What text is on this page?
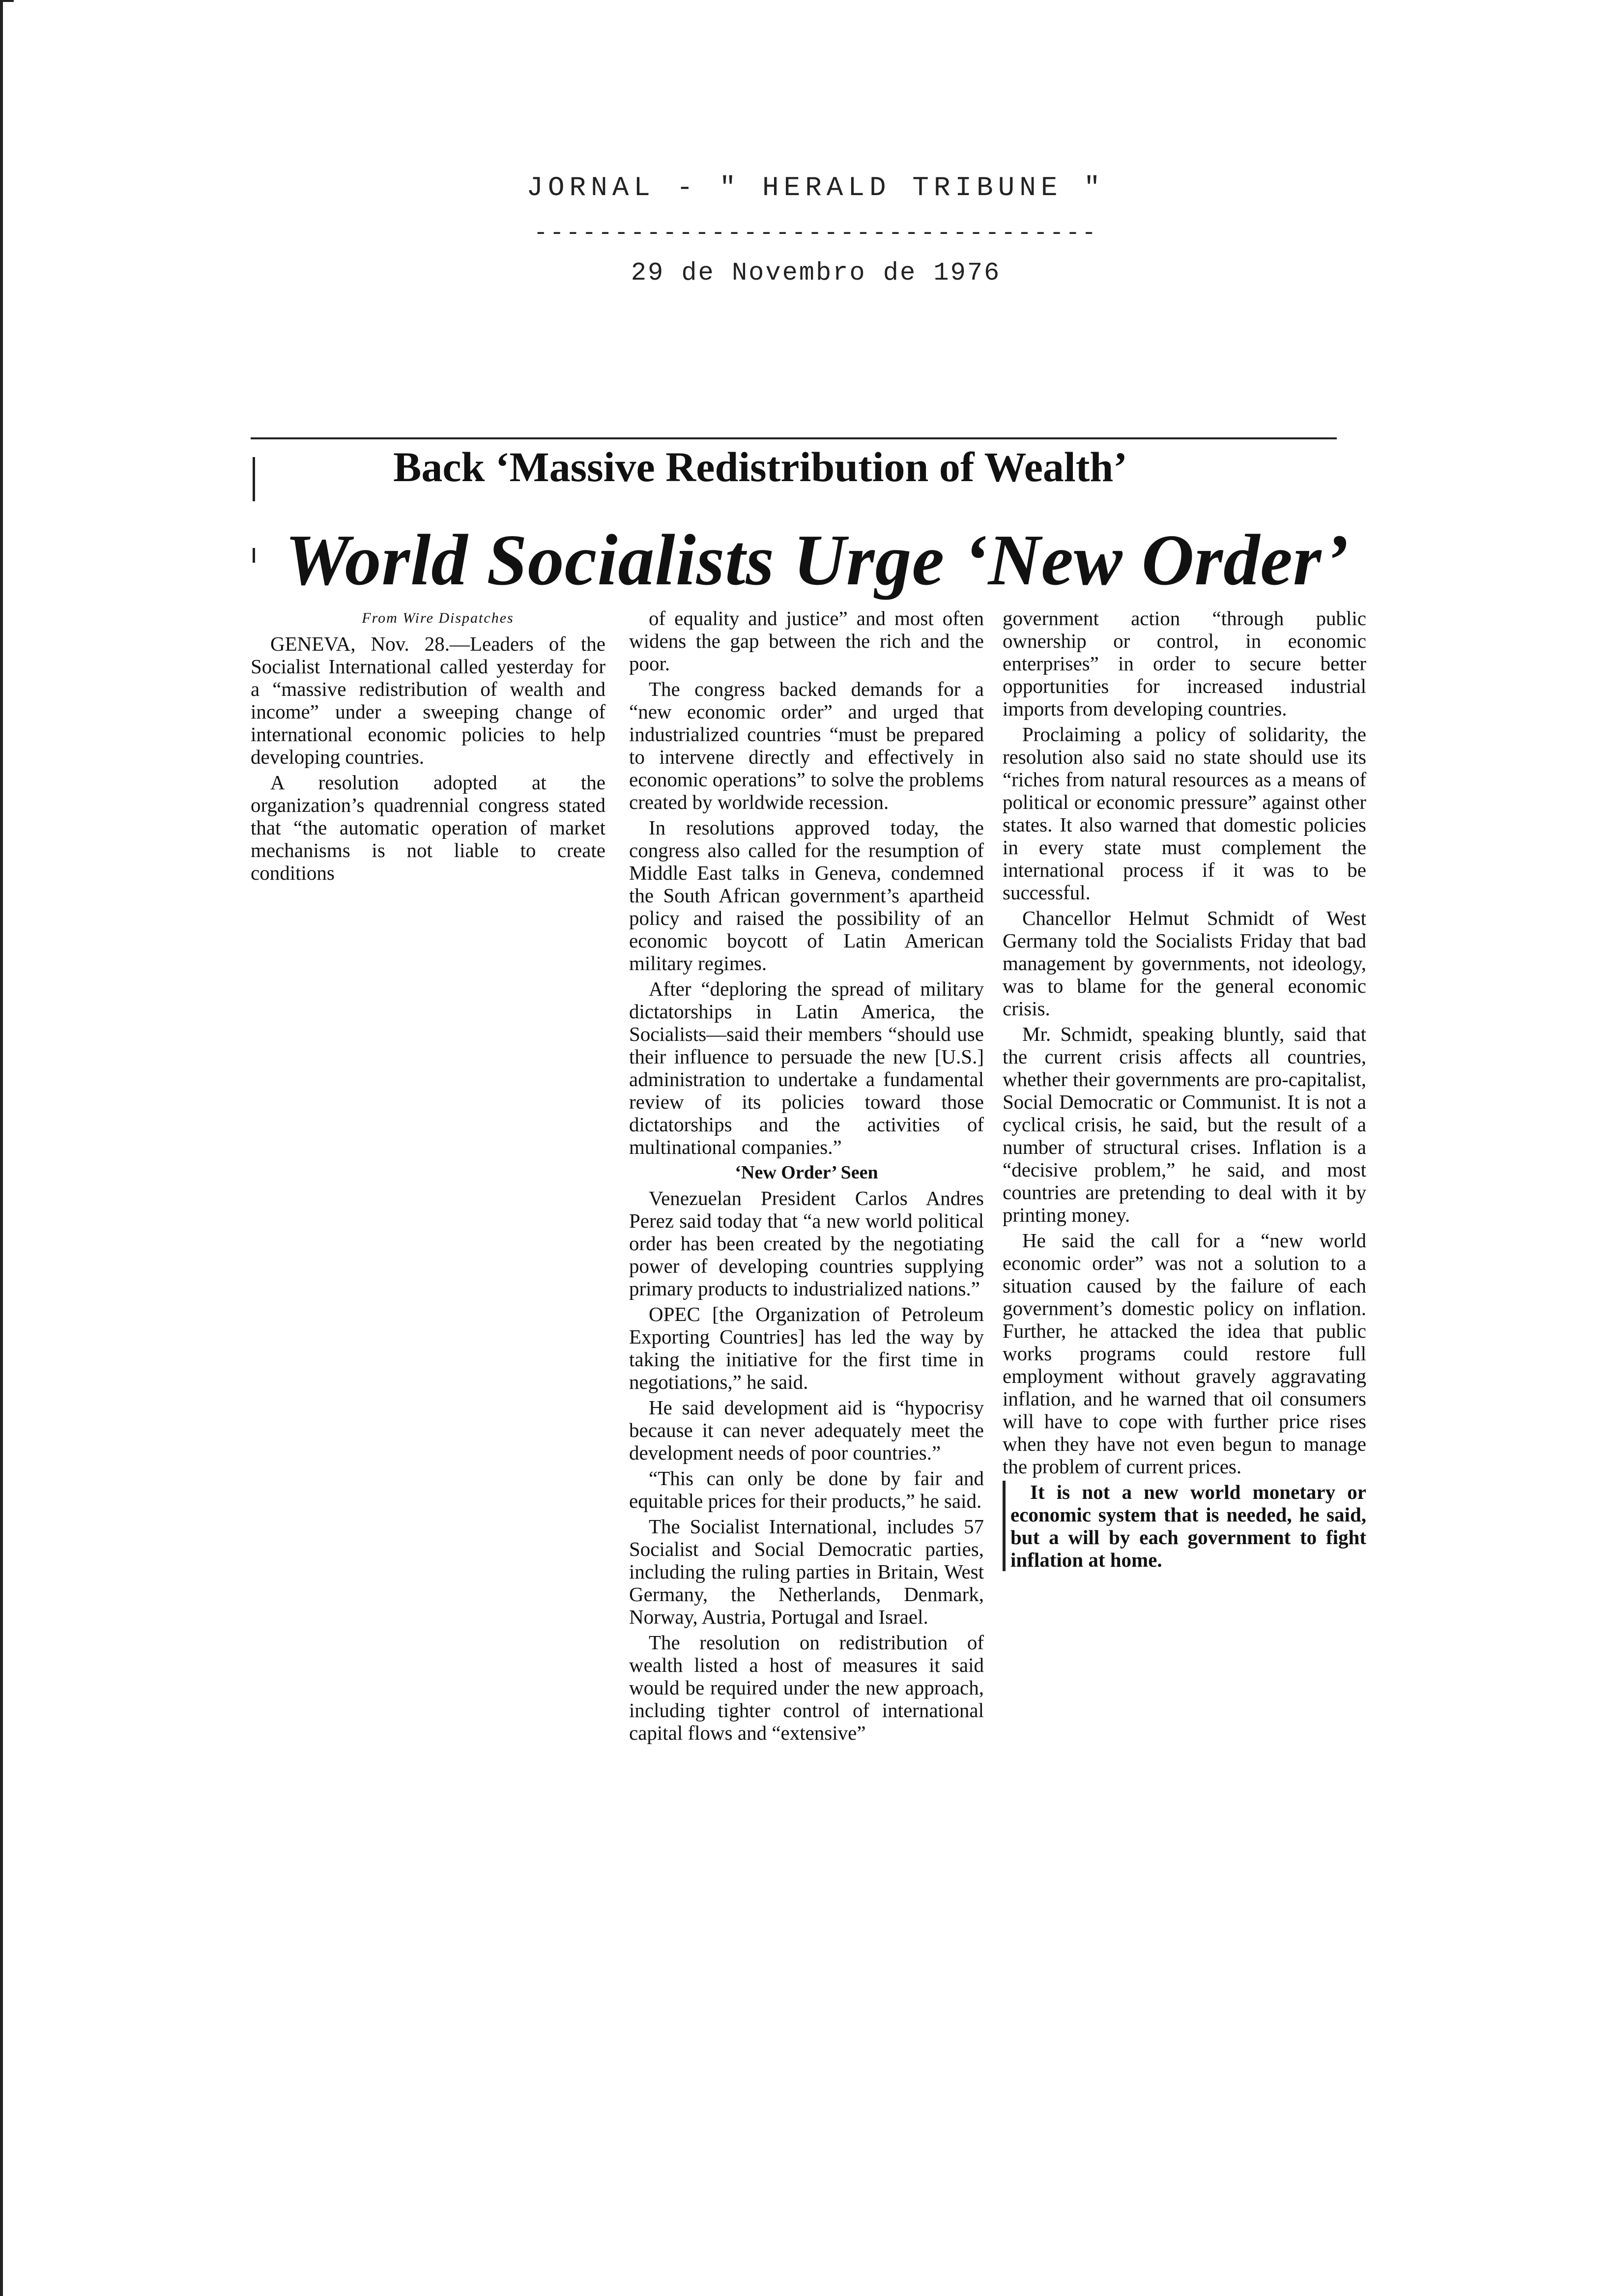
JORNAL - " HERALD TRIBUNE "
-----------------------------------
29 de Novembro de 1976
Back ‘Massive Redistribution of Wealth’
World Socialists Urge ‘New Order’

From Wire Dispatches

GENEVA, Nov. 28.—Leaders of the Socialist International called yesterday for a “massive redistribution of wealth and income” under a sweeping change of international economic policies to help developing countries.

A resolution adopted at the organization’s quadrennial congress stated that “the automatic operation of market mechanisms is not liable to create conditions

of equality and justice” and most often widens the gap between the rich and the poor.

The congress backed demands for a “new economic order” and urged that industrialized countries “must be prepared to intervene directly and effectively in economic operations” to solve the problems created by worldwide recession.

In resolutions approved today, the congress also called for the resumption of Middle East talks in Geneva, condemned the South African government’s apartheid policy and raised the possibility of an economic boycott of Latin American military regimes.

After “deploring the spread of military dictatorships in Latin America, the Socialists—said their members “should use their influence to persuade the new [U.S.] administration to undertake a fundamental review of its policies toward those dictatorships and the activities of multinational companies.”

‘New Order’ Seen

Venezuelan President Carlos Andres Perez said today that “a new world political order has been created by the negotiating power of developing countries supplying primary products to industrialized nations.”

OPEC [the Organization of Petroleum Exporting Countries] has led the way by taking the initiative for the first time in negotiations,” he said.

He said development aid is “hypocrisy because it can never adequately meet the development needs of poor countries.”

“This can only be done by fair and equitable prices for their products,” he said.

The Socialist International, includes 57 Socialist and Social Democratic parties, including the ruling parties in Britain, West Germany, the Netherlands, Denmark, Norway, Austria, Portugal and Israel.

The resolution on redistribution of wealth listed a host of measures it said would be required under the new approach, including tighter control of international capital flows and “extensive”

government action “through public ownership or control, in economic enterprises” in order to secure better opportunities for increased industrial imports from developing countries.

Proclaiming a policy of solidarity, the resolution also said no state should use its “riches from natural resources as a means of political or economic pressure” against other states. It also warned that domestic policies in every state must complement the international process if it was to be successful.

Chancellor Helmut Schmidt of West Germany told the Socialists Friday that bad management by governments, not ideology, was to blame for the general economic crisis.

Mr. Schmidt, speaking bluntly, said that the current crisis affects all countries, whether their governments are pro-capitalist, Social Democratic or Communist. It is not a cyclical crisis, he said, but the result of a number of structural crises. Inflation is a “decisive problem,” he said, and most countries are pretending to deal with it by printing money.

He said the call for a “new world economic order” was not a solution to a situation caused by the failure of each government’s domestic policy on inflation. Further, he attacked the idea that public works programs could restore full employment without gravely aggravating inflation, and he warned that oil consumers will have to cope with further price rises when they have not even begun to manage the problem of current prices.

It is not a new world monetary or economic system that is needed, he said, but a will by each government to fight inflation at home.
